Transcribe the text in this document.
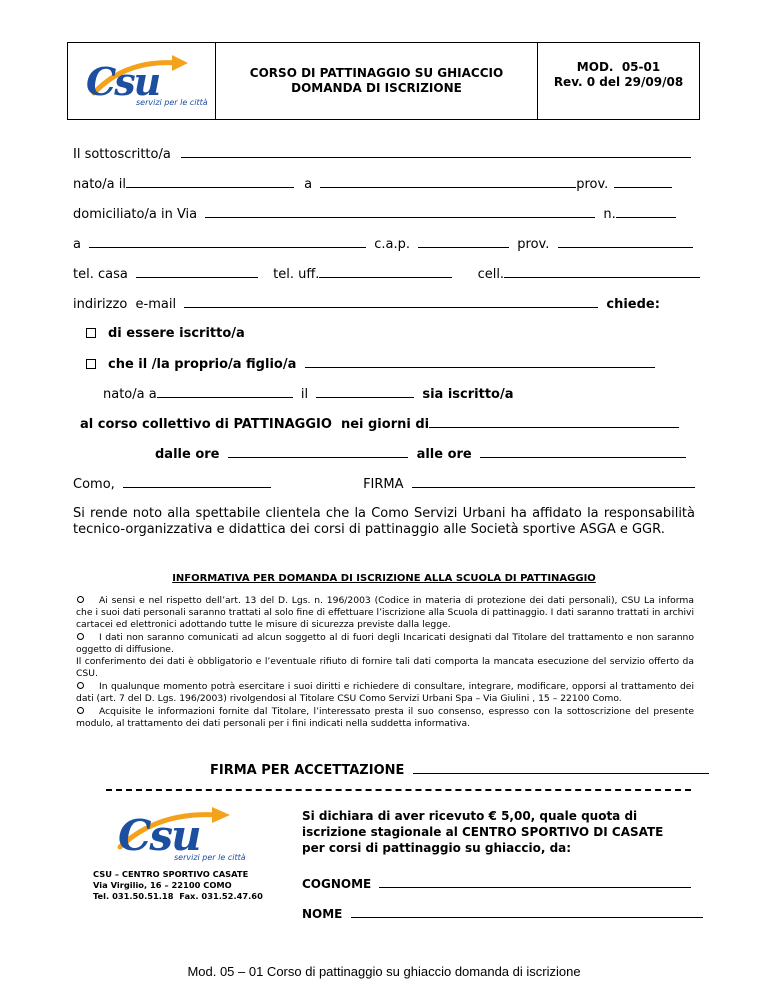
Csu
servizi per le città
CORSO DI PATTINAGGIO SU GHIACCIO
DOMANDA DI ISCRIZIONE
MOD.  05-01
Rev. 0 del 29/09/08
Il sottoscritto/a
nato/a il	a	prov.
domiciliato/a in Via	n.
a	c.a.p.	prov.
tel. casa	tel. uff.	cell.
indirizzo  e-mail	chiede:
di essere iscritto/a
che il /la proprio/a figlio/a
nato/a a	il	sia iscritto/a
al corso collettivo di PATTINAGGIO  nei giorni di
dalle ore	alle ore
Como,	FIRMA
Si rende noto alla spettabile clientela che la Como Servizi Urbani ha affidato la responsabilità tecnico-organizzativa e didattica dei corsi di pattinaggio alle Società sportive ASGA e GGR.
INFORMATIVA PER DOMANDA DI ISCRIZIONE ALLA SCUOLA DI PATTINAGGIO

Ai sensi e nel rispetto dell’art. 13 del D. Lgs. n. 196/2003 (Codice in materia di protezione dei dati personali), CSU La informa che i suoi dati personali saranno trattati al solo fine di effettuare l’iscrizione alla Scuola di pattinaggio. I dati saranno trattati in archivi cartacei ed elettronici adottando tutte le misure di sicurezza previste dalla legge.

I dati non saranno comunicati ad alcun soggetto al di fuori degli Incaricati designati dal Titolare del trattamento e non saranno oggetto di diffusione.

Il conferimento dei dati è obbligatorio e l’eventuale rifiuto di fornire tali dati comporta la mancata esecuzione del servizio offerto da CSU.

In qualunque momento potrà esercitare i suoi diritti e richiedere di consultare, integrare, modificare, opporsi al trattamento dei dati (art. 7 del D. Lgs. 196/2003) rivolgendosi al Titolare CSU Como Servizi Urbani Spa – Via Giulini , 15 – 22100 Como.

Acquisite le informazioni fornite dal Titolare, l’interessato presta il suo consenso, espresso con la sottoscrizione del presente modulo, al trattamento dei dati personali per i fini indicati nella suddetta informativa.

FIRMA PER ACCETTAZIONE
Csu
servizi per le città
CSU – CENTRO SPORTIVO CASATE
Via Virgilio, 16 – 22100 COMO
Tel. 031.50.51.18  Fax. 031.52.47.60
Si dichiara di aver ricevuto € 5,00, quale quota di iscrizione stagionale al CENTRO SPORTIVO DI CASATE per corsi di pattinaggio su ghiaccio, da:
COGNOME
NOME
Mod. 05 – 01 Corso di pattinaggio su ghiaccio domanda di iscrizione
